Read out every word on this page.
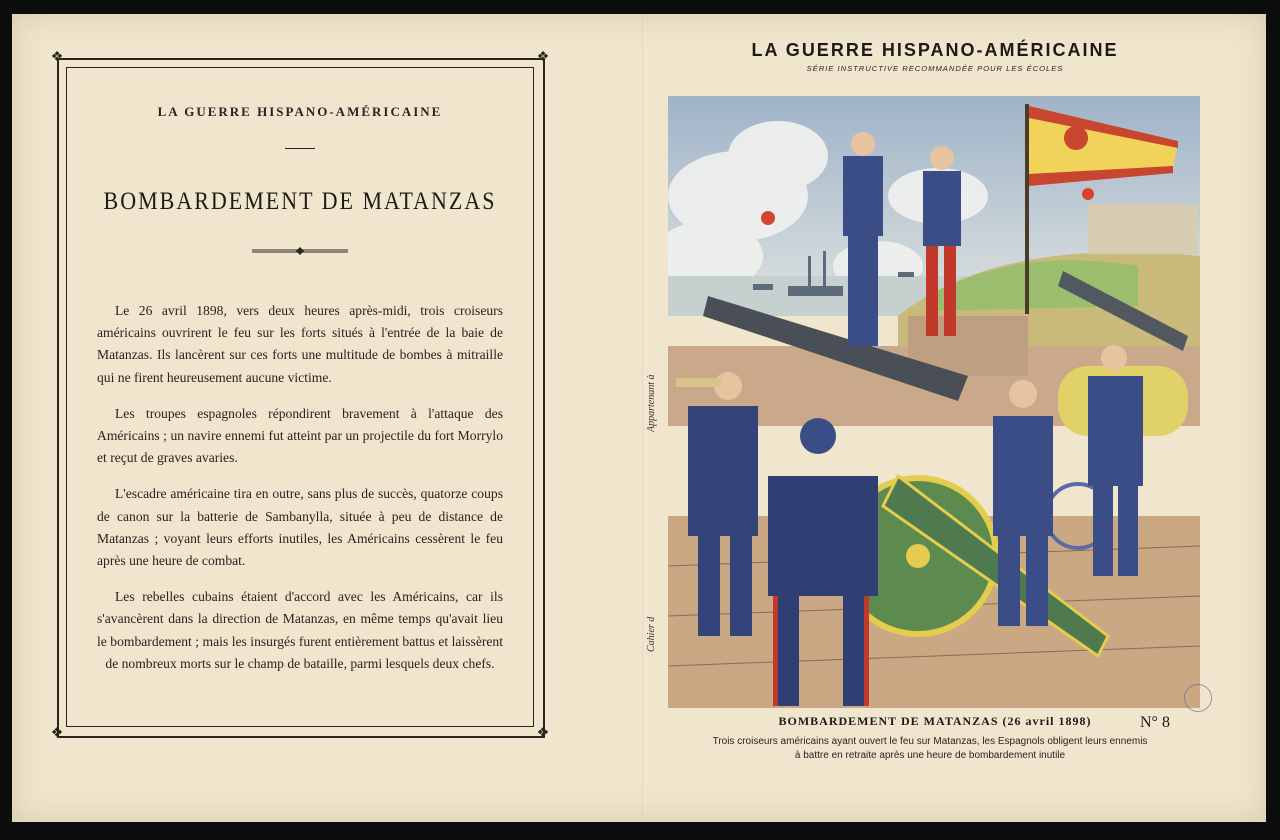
❖	❖
❖	❖
LA GUERRE HISPANO-AMÉRICAINE
BOMBARDEMENT DE MATANZAS

Le 26 avril 1898, vers deux heures après-midi, trois croiseurs américains ouvrirent le feu sur les forts situés à l'entrée de la baie de Matanzas. Ils lancèrent sur ces forts une multitude de bombes à mitraille qui ne firent heureusement aucune victime.

Les troupes espagnoles répondirent bravement à l'attaque des Américains ; un navire ennemi fut atteint par un projectile du fort Morrylo et reçut de graves avaries.

L'escadre américaine tira en outre, sans plus de succès, quatorze coups de canon sur la batterie de Sambanylla, située à peu de distance de Matanzas ; voyant leurs efforts inutiles, les Américains cessèrent le feu après une heure de combat.

Les rebelles cubains étaient d'accord avec les Américains, car ils s'avancèrent dans la direction de Matanzas, en même temps qu'avait lieu le bombardement ; mais les insurgés furent entièrement battus et laissèrent de nombreux morts sur le champ de bataille, parmi lesquels deux chefs.

LA GUERRE HISPANO-AMÉRICAINE
SÉRIE INSTRUCTIVE RECOMMANDÉE POUR LES ÉCOLES
Appartenant à
Cahier d
BOMBARDEMENT DE MATANZAS (26 avril 1898)	N° 8
Trois croiseurs américains ayant ouvert le feu sur Matanzas, les Espagnols obligent leurs ennemis
à battre en retraite après une heure de bombardement inutile
